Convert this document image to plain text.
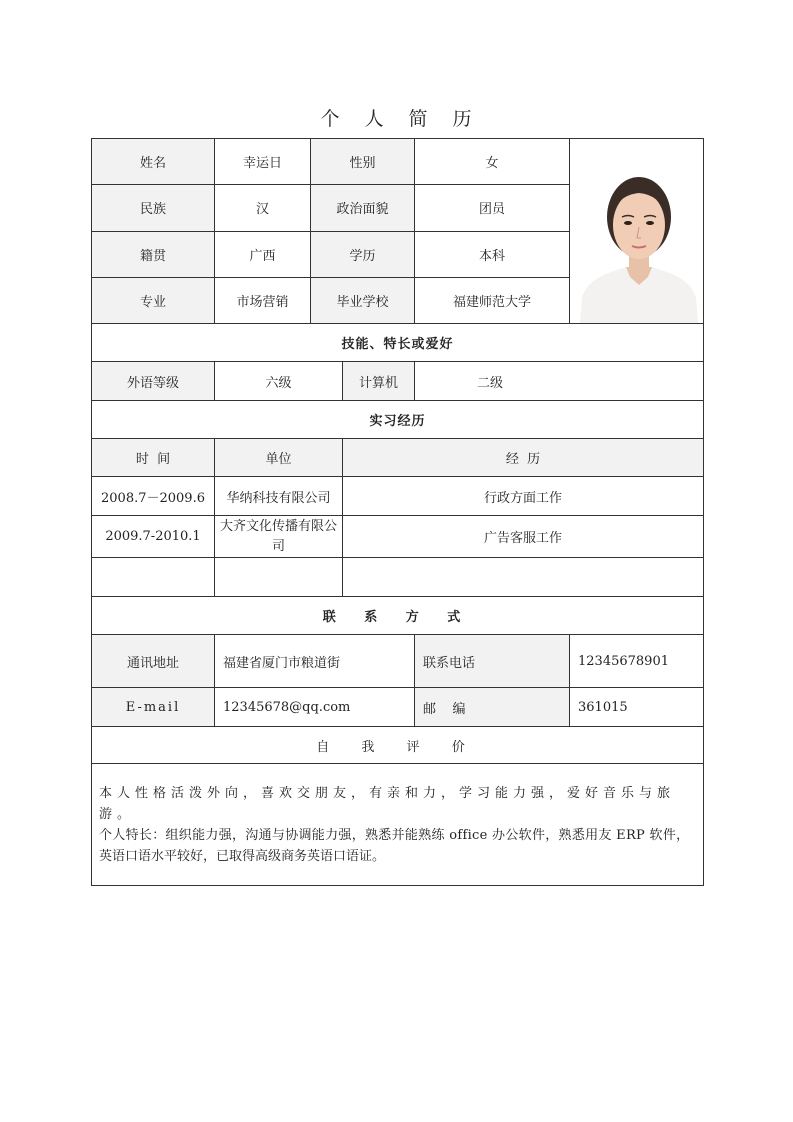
个 人 简 历
姓名	幸运日	性别		女	

民族	汉	政治面貌		团员	
籍贯	广西	学历		本科	
专业	市场营销	毕业学校		福建师范大学	
技能、特长或爱好					
外语等级	六级		计算机	二级	
实习经历					
时  间	单位		经  历		
2008.7－2009.6	华纳科技有限公司		行政方面工作		
2009.7-2010.1	大齐文化传播有限公司		广告客服工作		

联 系 方 式					
通讯地址	福建省厦门市粮道街			联系电话	12345678901
E-mail	12345678@qq.com			邮    编	361015
自 我 评 价					

本人性格活泼外向，喜欢交朋友，有亲和力，学习能力强，爱好音乐与旅游。
个人特长：组织能力强，沟通与协调能力强，熟悉并能熟练 office 办公软件，熟悉用友 ERP 软件，
英语口语水平较好，已取得高级商务英语口语证。					
